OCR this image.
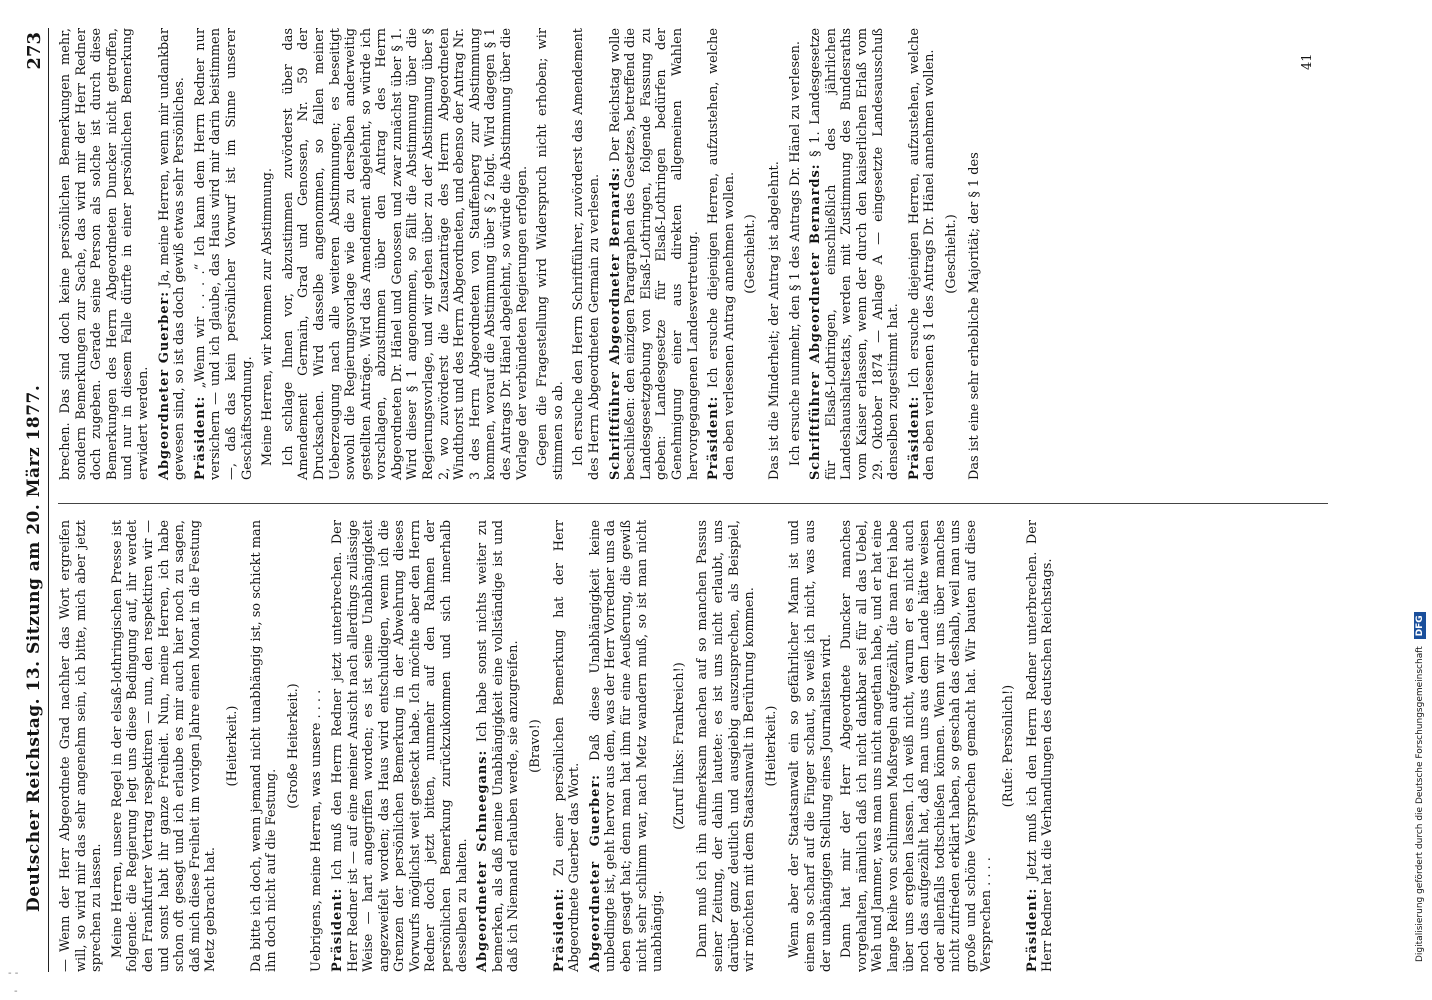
Deutscher Reichstag. 13. Sitzung am 20. März 1877.
273

— Wenn der Herr Abgeordnete Grad nachher das Wort ergreifen will, so wird mir das sehr angenehm sein, ich bitte, mich aber jetzt sprechen zu lassen. Meine Herren, unsere Regel in der elsaß-lothringischen Presse ist folgende: die Regierung legt uns diese Bedingung auf, ihr werdet den Frankfurter Vertrag respektiren — nun, den respektiren wir — und sonst habt ihr ganze Freiheit. Nun, meine Herren, ich habe schon oft gesagt und ich erlaube es mir auch hier noch zu sagen, daß mich diese Freiheit im vorigen Jahre einen Monat in die Festung Metz gebracht hat.

(Heiterkeit.) Da bitte ich doch, wenn jemand nicht unabhängig ist, so schickt man ihn doch nicht auf die Festung.

(Große Heiterkeit.) Uebrigens, meine Herren, was unsere . . . . Präsident: Ich muß den Herrn Redner jetzt unterbrechen. Der Herr Redner ist — auf eine meiner Ansicht nach allerdings zulässige Weise — hart angegriffen worden; es ist seine Unabhängigkeit angezweifelt worden; das Haus wird entschuldigen, wenn ich die Grenzen der persönlichen Bemerkung in der Abwehrung dieses Vorwurfs möglichst weit gesteckt habe. Ich möchte aber den Herrn Redner doch jetzt bitten, nunmehr auf den Rahmen der persönlichen Bemerkung zurückzukommen und sich innerhalb desselben zu halten. Abgeordneter Schneegans: Ich habe sonst nichts weiter zu bemerken, als daß meine Unabhängigkeit eine vollständige ist und daß ich Niemand erlauben werde, sie anzugreifen. (Bravo!)

Präsident: Zu einer persönlichen Bemerkung hat der Herr Abgeordnete Guerber das Wort. Abgeordneter Guerber: Daß diese Unabhängigkeit keine unbedingte ist, geht hervor aus dem, was der Herr Vorredner uns da eben gesagt hat; denn man hat ihm für eine Aeußerung, die gewiß nicht sehr schlimm war, nach Metz wandern muß, so ist man nicht unabhängig.

(Zuruf links: Frankreich!) Dann muß ich ihn aufmerksam machen auf so manchen Passus seiner Zeitung, der dahin lautete: es ist uns nicht erlaubt, uns darüber ganz deutlich und ausgiebig auszusprechen, als Beispiel, wir möchten mit dem Staatsanwalt in Berührung kommen. (Heiterkeit.) Wenn aber der Staatsanwalt ein so gefährlicher Mann ist und einem so scharf auf die Finger schaut, so weiß ich nicht, was aus der unabhängigen Stellung eines Journalisten wird. Dann hat mir der Herr Abgeordnete Duncker manches vorgehalten, nämlich daß ich nicht dankbar sei für all das Uebel, Weh und Jammer, was man uns nicht angethan habe, und er hat eine lange Reihe von schlimmen Maßregeln aufgezählt, die man frei habe über uns ergehen lassen. Ich weiß nicht, warum er es nicht auch noch das aufgezählt hat, daß man uns aus dem Lande hätte weisen oder allenfalls todtschießen können. Wenn wir uns über manches nicht zufrieden erklärt haben, so geschah das deshalb, weil man uns große und schöne Versprechen gemacht hat. Wir bauten auf diese Versprechen . . . .

(Rufe: Persönlich!)

Präsident: Jetzt muß ich den Herrn Redner unterbrechen. Der Herr Redner hat die Verhandlungen des deutschen Reichstags.

brechen. Das sind doch keine persönlichen Bemerkungen mehr, sondern Bemerkungen zur Sache, das wird mir der Herr Redner doch zugeben. Gerade seine Person als solche ist durch diese Bemerkungen des Herrn Abgeordneten Duncker nicht getroffen, und nur in diesem Falle dürfte in einer persönlichen Bemerkung erwidert werden. Abgeordneter Guerber: Ja, meine Herren, wenn mir undankbar gewesen sind, so ist das doch gewiß etwas sehr Persönliches. Präsident: „Wenn wir . . . .“ Ich kann dem Herrn Redner nur versichern — und ich glaube, das Haus wird mir darin beistimmen —, daß das kein persönlicher Vorwurf ist im Sinne unserer Geschäftsordnung. Meine Herren, wir kommen zur Abstimmung. Ich schlage Ihnen vor, abzustimmen zuvörderst über das Amendement Germain, Grad und Genossen, Nr. 59 der Drucksachen. Wird dasselbe angenommen, so fallen meiner Ueberzeugung nach alle weiteren Abstimmungen; es beseitigt sowohl die Regierungsvorlage wie die zu derselben anderweitig gestellten Anträge. Wird das Amendement abgelehnt, so würde ich vorschlagen, abzustimmen über den Antrag des Herrn Abgeordneten Dr. Hänel und Genossen und zwar zunächst über § 1. Wird dieser § 1 angenommen, so fällt die Abstimmung über die Regierungsvorlage, und wir gehen über zu der Abstimmung über § 2, wo zuvörderst die Zusatzanträge des Herrn Abgeordneten Windthorst und des Herrn Abgeordneten, und ebenso der Antrag Nr. 3 des Herrn Abgeordneten von Stauffenberg zur Abstimmung kommen, worauf die Abstimmung über § 2 folgt. Wird dagegen § 1 des Antrags Dr. Hänel abgelehnt, so würde die Abstimmung über die Vorlage der verbündeten Regierungen erfolgen. Gegen die Fragestellung wird Widerspruch nicht erhoben; wir stimmen so ab. Ich ersuche den Herrn Schriftführer, zuvörderst das Amendement des Herrn Abgeordneten Germain zu verlesen. Schriftführer Abgeordneter Bernards: Der Reichstag wolle beschließen: den einzigen Paragraphen des Gesetzes, betreffend die Landesgesetzgebung von Elsaß-Lothringen, folgende Fassung zu geben: Landesgesetze für Elsaß-Lothringen bedürfen der Genehmigung einer aus direkten allgemeinen Wahlen hervorgegangenen Landesvertretung. Präsident: Ich ersuche diejenigen Herren, aufzustehen, welche den eben verlesenen Antrag annehmen wollen. (Geschieht.) Das ist die Minderheit; der Antrag ist abgelehnt. Ich ersuche nunmehr, den § 1 des Antrags Dr. Hänel zu verlesen. Schriftführer Abgeordneter Bernards: § 1. Landesgesetze für Elsaß-Lothringen, einschließlich des jährlichen Landeshaushaltsetats, werden mit Zustimmung des Bundesraths vom Kaiser erlassen, wenn der durch den kaiserlichen Erlaß vom 29. Oktober 1874 — Anlage A — eingesetzte Landesausschuß denselben zugestimmt hat. Präsident: Ich ersuche diejenigen Herren, aufzustehen, welche den eben verlesenen § 1 des Antrags Dr. Hänel annehmen wollen. (Geschieht.) Das ist eine sehr erhebliche Majorität; der § 1 des

41
Digitalisierung gefördert durch die Deutsche Forschungsgemeinschaft DFG
- -
-
